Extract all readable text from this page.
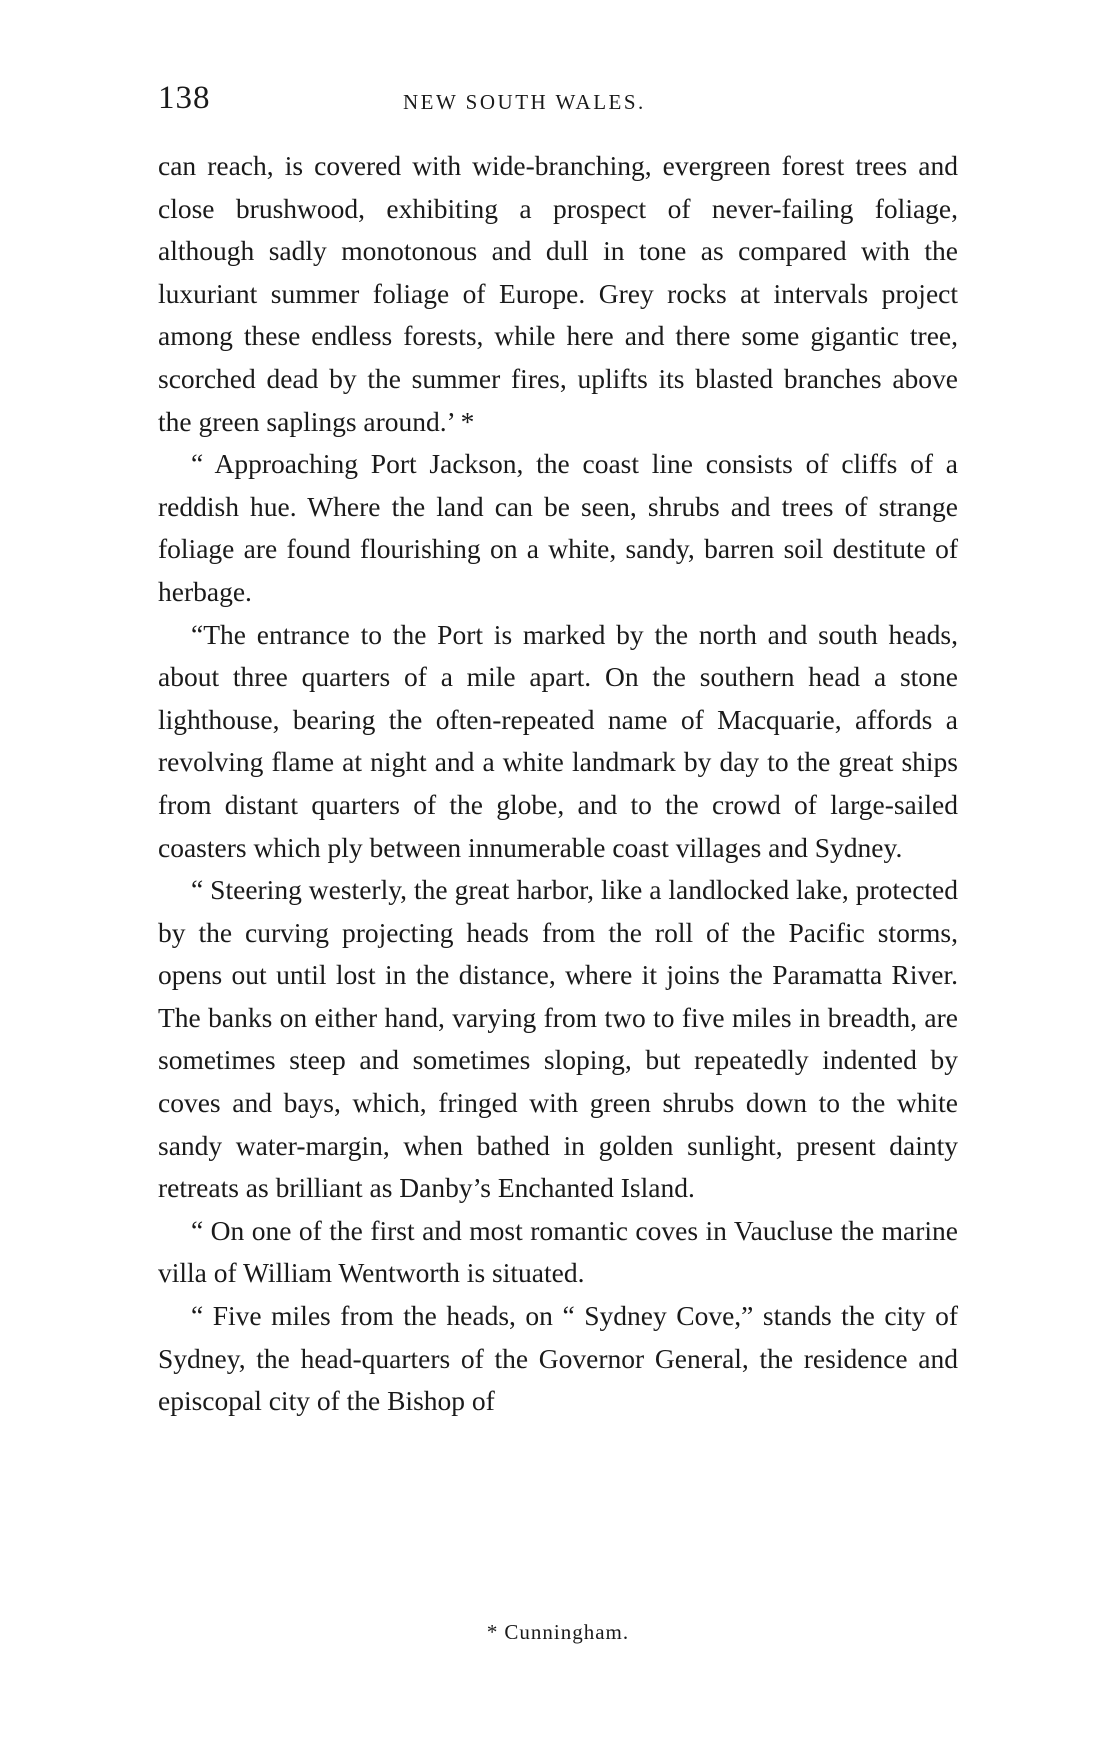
138	NEW SOUTH WALES.

can reach, is covered with wide-branching, evergreen forest trees and close brushwood, exhibiting a prospect of never-failing foliage, although sadly monotonous and dull in tone as compared with the luxuriant summer foliage of Europe. Grey rocks at intervals project among these endless forests, while here and there some gigantic tree, scorched dead by the summer fires, uplifts its blasted branches above the green saplings around.’ *

“ Approaching Port Jackson, the coast line consists of cliffs of a reddish hue. Where the land can be seen, shrubs and trees of strange foliage are found flourishing on a white, sandy, barren soil destitute of herbage.

“The entrance to the Port is marked by the north and south heads, about three quarters of a mile apart. On the southern head a stone lighthouse, bearing the often-repeated name of Macquarie, affords a revolving flame at night and a white landmark by day to the great ships from distant quarters of the globe, and to the crowd of large-sailed coasters which ply between innumerable coast villages and Sydney.

“ Steering westerly, the great harbor, like a landlocked lake, protected by the curving projecting heads from the roll of the Pacific storms, opens out until lost in the distance, where it joins the Paramatta River. The banks on either hand, varying from two to five miles in breadth, are sometimes steep and sometimes sloping, but repeatedly indented by coves and bays, which, fringed with green shrubs down to the white sandy water-margin, when bathed in golden sunlight, present dainty retreats as brilliant as Danby’s Enchanted Island.

“ On one of the first and most romantic coves in Vaucluse the marine villa of William Wentworth is situated.

“ Five miles from the heads, on “ Sydney Cove,” stands the city of Sydney, the head-quarters of the Governor General, the residence and episcopal city of the Bishop of

* Cunningham.
